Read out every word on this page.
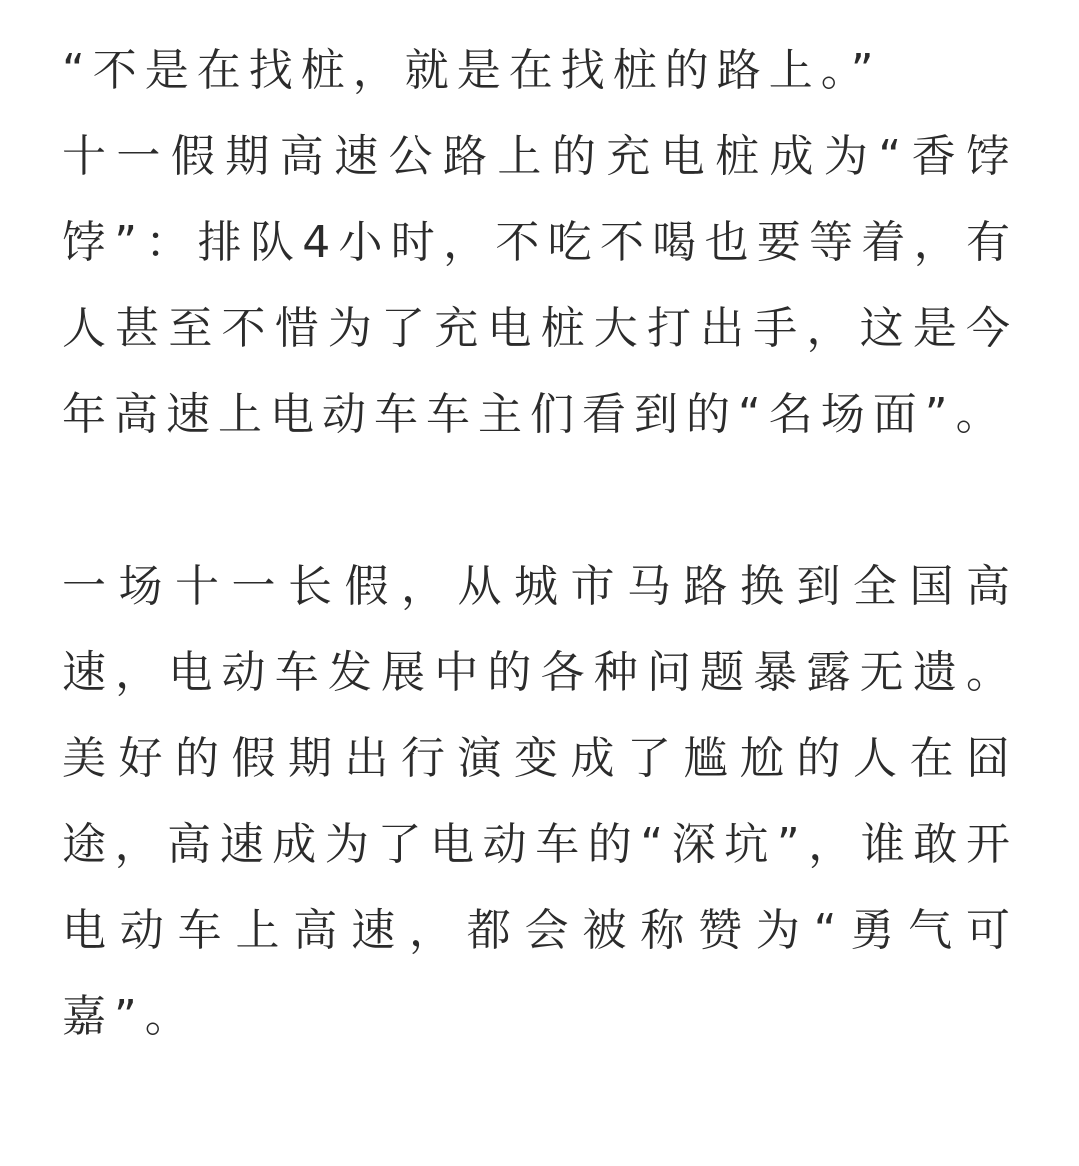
“不是在找桩，就是在找桩的路上。”
十一假期高速公路上的充电桩成为“香饽饽”：排队4小时，不吃不喝也要等着，有人甚至不惜为了充电桩大打出手，这是今年高速上电动车车主们看到的“名场面”。

一场十一长假，从城市马路换到全国高速，电动车发展中的各种问题暴露无遗。美好的假期出行演变成了尴尬的人在囧途，高速成为了电动车的“深坑”，谁敢开电动车上高速，都会被称赞为“勇气可嘉”。
